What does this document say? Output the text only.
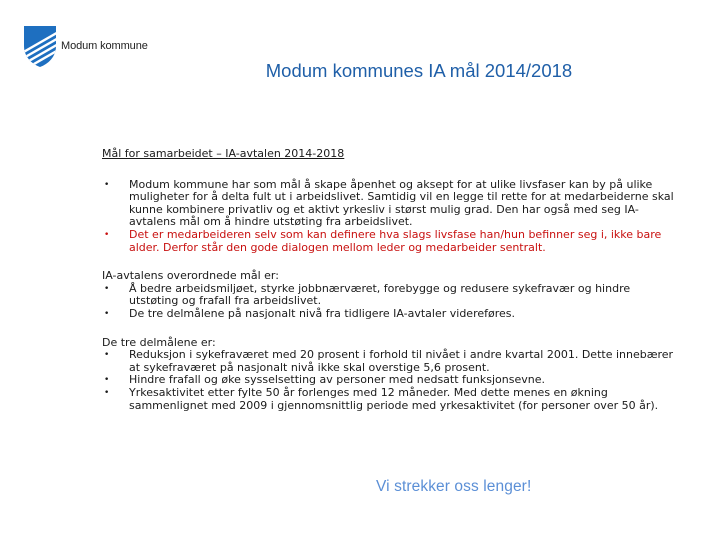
Modum kommune
Modum kommunes IA mål 2014/2018
Mål for samarbeidet – IA-avtalen 2014-2018
• Modum kommune har som mål å skape åpenhet og aksept for at ulike livsfaser kan by på ulike muligheter for å delta fult ut i arbeidslivet. Samtidig vil en legge til rette for at medarbeiderne skal kunne kombinere privatliv og et aktivt yrkesliv i størst mulig grad. Den har også med seg IA-avtalens mål om å hindre utstøting fra arbeidslivet.
• Det er medarbeideren selv som kan definere hva slags livsfase han/hun befinner seg i, ikke bare alder. Derfor står den gode dialogen mellom leder og medarbeider sentralt.
IA-avtalens overordnede mål er:
• Å bedre arbeidsmiljøet, styrke jobbnærværet, forebygge og redusere sykefravær og hindre utstøting og frafall fra arbeidslivet.
• De tre delmålene på nasjonalt nivå fra tidligere IA-avtaler videreføres.
De tre delmålene er:
• Reduksjon i sykefraværet med 20 prosent i forhold til nivået i andre kvartal 2001. Dette innebærer at sykefraværet på nasjonalt nivå ikke skal overstige 5,6 prosent.
• Hindre frafall og øke sysselsetting av personer med nedsatt funksjonsevne.
• Yrkesaktivitet etter fylte 50 år forlenges med 12 måneder. Med dette menes en økning sammenlignet med 2009 i gjennomsnittlig periode med yrkesaktivitet (for personer over 50 år).
Vi strekker oss lenger!
